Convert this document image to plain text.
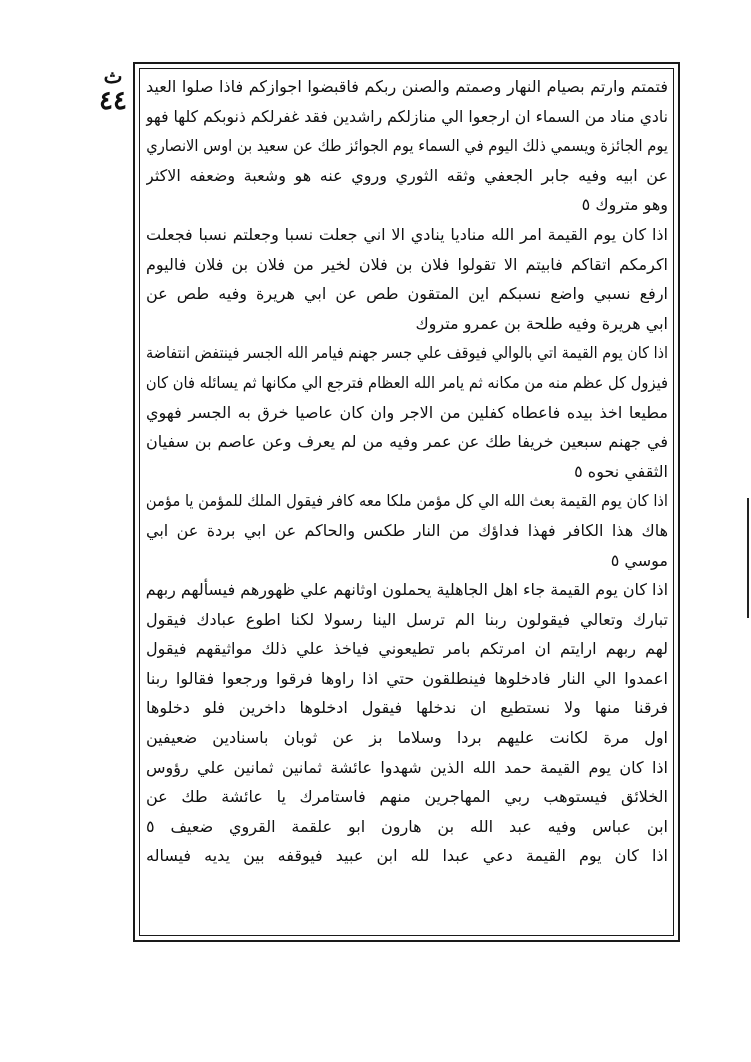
ث
٤٤ فتمتم وارتم بصيام النهار وصمتم والصنن ربكم فاقبضوا اجوازكم فاذا صلوا العيد
نادي مناد من السماء ان ارجعوا الي منازلكم راشدين فقد غفرلكم ذنوبكم كلها فهو
يوم الجائزة ويسمي ذلك اليوم في السماء يوم الجوائز طك عن سعيد بن اوس الانصاري
عن ابيه وفيه جابر الجعفي وثقه الثوري وروي عنه هو وشعبة وضعفه الاكثر
وهو متروك ٥
اذا كان يوم القيمة امر الله مناديا ينادي الا اني جعلت نسبا وجعلتم نسبا فجعلت
اكرمكم اتقاكم فابيتم الا تقولوا فلان بن فلان لخير من فلان بن فلان فاليوم
ارفع نسبي واضع نسبكم اين المتقون طص عن ابي هريرة وفيه طص عن
ابي هريرة وفيه طلحة بن عمرو متروك
اذا كان يوم القيمة اتي بالوالي فيوقف علي جسر جهنم فيامر الله الجسر فينتفض انتفاضة
فيزول كل عظم منه من مكانه ثم يامر الله العظام فترجع الي مكانها ثم يسائله فان كان
مطيعا اخذ بيده فاعطاه كفلين من الاجر وان كان عاصيا خرق به الجسر فهوي
في جهنم سبعين خريفا طك عن عمر وفيه من لم يعرف وعن عاصم بن سفيان
الثقفي نحوه ٥
اذا كان يوم القيمة بعث الله الي كل مؤمن ملكا معه كافر فيقول الملك للمؤمن يا مؤمن
هاك هذا الكافر فهذا فداؤك من النار طكس والحاكم عن ابي بردة عن ابي
موسي ٥
اذا كان يوم القيمة جاء اهل الجاهلية يحملون اوثانهم علي ظهورهم فيسألهم ربهم
تبارك وتعالي فيقولون ربنا الم ترسل الينا رسولا لكنا اطوع عبادك فيقول
لهم ربهم ارايتم ان امرتكم بامر تطيعوني فياخذ علي ذلك مواثيقهم فيقول
اعمدوا الي النار فادخلوها فينطلقون حتي اذا راوها فرقوا ورجعوا فقالوا ربنا
فرقنا منها ولا نستطيع ان ندخلها فيقول ادخلوها داخرين فلو دخلوها
اول مرة لكانت عليهم بردا وسلاما بز عن ثوبان باسنادين ضعيفين
اذا كان يوم القيمة حمد الله الذين شهدوا عائشة ثمانين ثمانين علي رؤوس
الخلائق فيستوهب ربي المهاجرين منهم فاستامرك يا عائشة طك عن
ابن عباس وفيه عبد الله بن هارون ابو علقمة القروي ضعيف ٥
اذا كان يوم القيمة دعي عبدا لله ابن عبيد فيوقفه بين يديه فيساله
